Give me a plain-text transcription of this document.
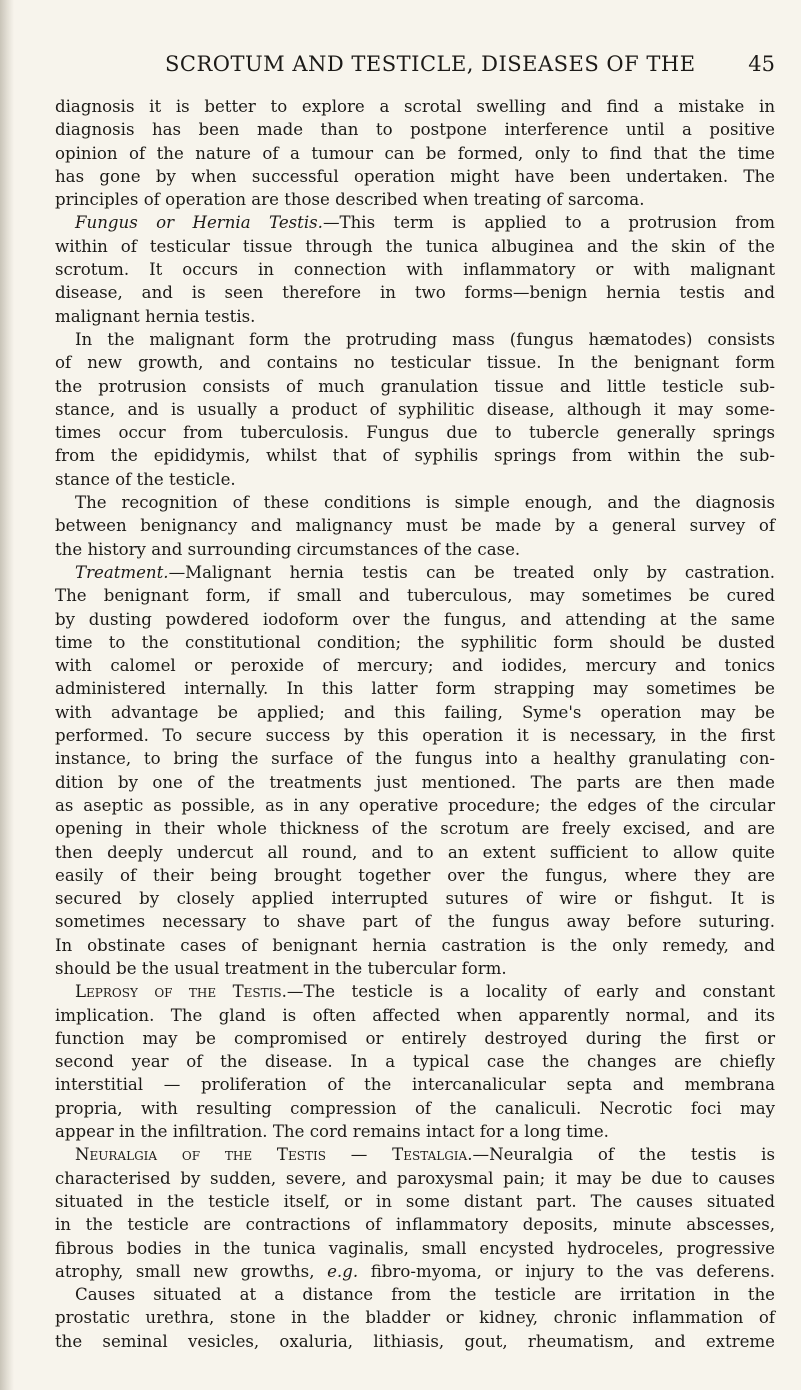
SCROTUM AND TESTICLE, DISEASES OF THE	45
diagnosis it is better to explore a scrotal swelling and find a mistake in
diagnosis has been made than to postpone interference until a positive
opinion of the nature of a tumour can be formed, only to find that the time
has gone by when successful operation might have been undertaken. The
principles of operation are those described when treating of sarcoma.
Fungus or Hernia Testis.—This term is applied to a protrusion from
within of testicular tissue through the tunica albuginea and the skin of the
scrotum. It occurs in connection with inflammatory or with malignant
disease, and is seen therefore in two forms—benign hernia testis and
malignant hernia testis.
In the malignant form the protruding mass (fungus hæmatodes) consists
of new growth, and contains no testicular tissue. In the benignant form
the protrusion consists of much granulation tissue and little testicle sub-
stance, and is usually a product of syphilitic disease, although it may some-
times occur from tuberculosis. Fungus due to tubercle generally springs
from the epididymis, whilst that of syphilis springs from within the sub-
stance of the testicle.
The recognition of these conditions is simple enough, and the diagnosis
between benignancy and malignancy must be made by a general survey of
the history and surrounding circumstances of the case.
Treatment.—Malignant hernia testis can be treated only by castration.
The benignant form, if small and tuberculous, may sometimes be cured
by dusting powdered iodoform over the fungus, and attending at the same
time to the constitutional condition; the syphilitic form should be dusted
with calomel or peroxide of mercury; and iodides, mercury and tonics
administered internally. In this latter form strapping may sometimes be
with advantage be applied; and this failing, Syme's operation may be
performed. To secure success by this operation it is necessary, in the first
instance, to bring the surface of the fungus into a healthy granulating con-
dition by one of the treatments just mentioned. The parts are then made
as aseptic as possible, as in any operative procedure; the edges of the circular
opening in their whole thickness of the scrotum are freely excised, and are
then deeply undercut all round, and to an extent sufficient to allow quite
easily of their being brought together over the fungus, where they are
secured by closely applied interrupted sutures of wire or fishgut. It is
sometimes necessary to shave part of the fungus away before suturing.
In obstinate cases of benignant hernia castration is the only remedy, and
should be the usual treatment in the tubercular form.
Leprosy of the Testis.—The testicle is a locality of early and constant
implication. The gland is often affected when apparently normal, and its
function may be compromised or entirely destroyed during the first or
second year of the disease. In a typical case the changes are chiefly
interstitial — proliferation of the intercanalicular septa and membrana
propria, with resulting compression of the canaliculi. Necrotic foci may
appear in the infiltration. The cord remains intact for a long time.
Neuralgia of the Testis — Testalgia.—Neuralgia of the testis is
characterised by sudden, severe, and paroxysmal pain; it may be due to causes
situated in the testicle itself, or in some distant part. The causes situated
in the testicle are contractions of inflammatory deposits, minute abscesses,
fibrous bodies in the tunica vaginalis, small encysted hydroceles, progressive
atrophy, small new growths, e.g. fibro-myoma, or injury to the vas deferens.
Causes situated at a distance from the testicle are irritation in the
prostatic urethra, stone in the bladder or kidney, chronic inflammation of
the seminal vesicles, oxaluria, lithiasis, gout, rheumatism, and extreme
